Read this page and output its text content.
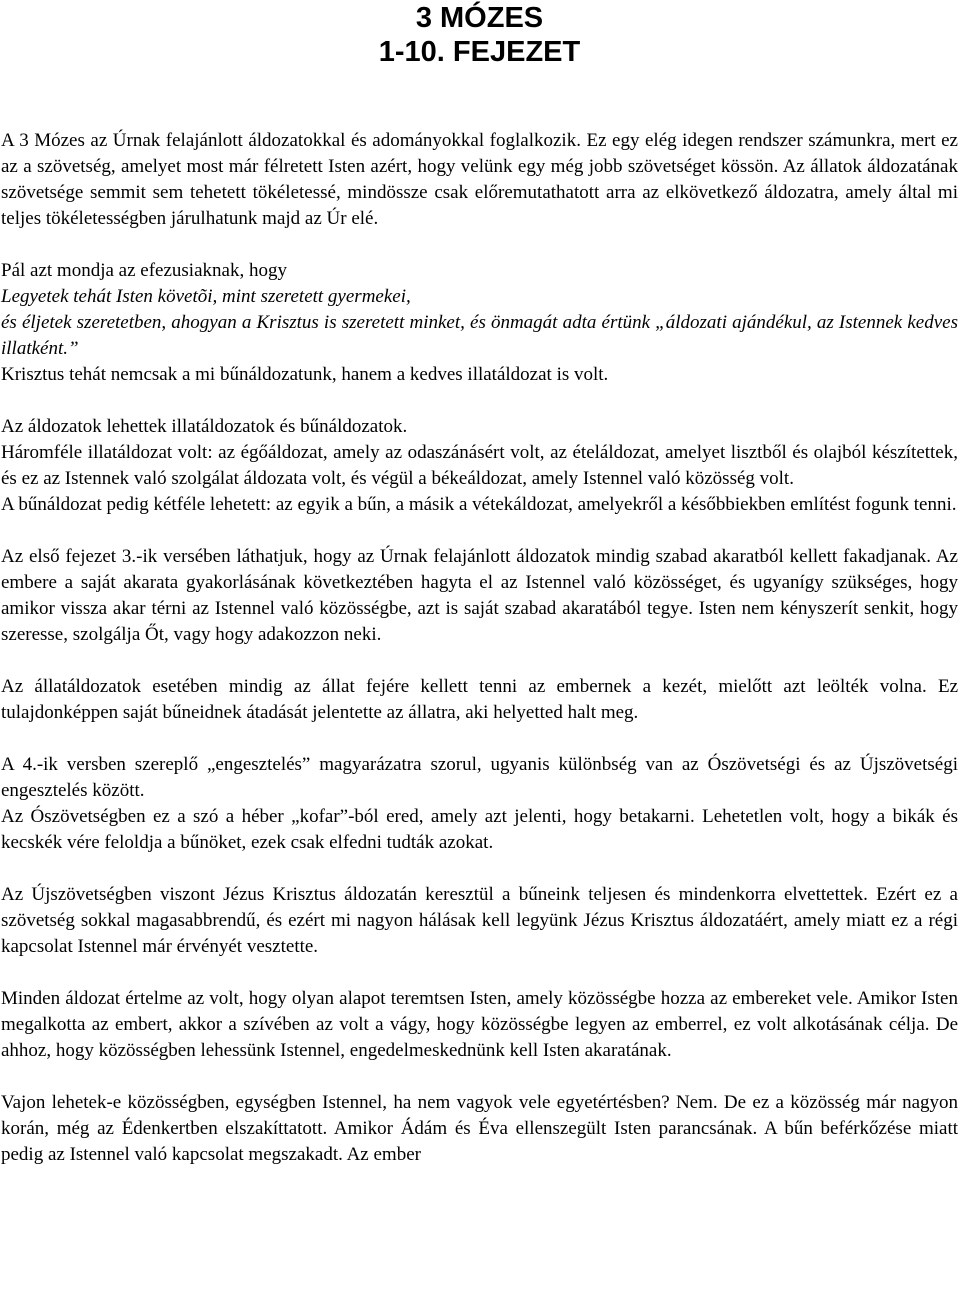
3 MÓZES
1-10. FEJEZET

A 3 Mózes az Úrnak felajánlott áldozatokkal és adományokkal foglalkozik. Ez egy elég idegen rendszer számunkra, mert ez az a szövetség, amelyet most már félretett Isten azért, hogy velünk egy még jobb szövetséget kössön. Az állatok áldozatának szövetsége semmit sem tehetett tökéletessé, mindössze csak előremutathatott arra az elkövetkező áldozatra, amely által mi teljes tökéletességben járulhatunk majd az Úr elé.

Pál azt mondja az efezusiaknak, hogy

Legyetek tehát Isten követõi, mint szeretett gyermekei,

és éljetek szeretetben, ahogyan a Krisztus is szeretett minket, és önmagát adta értünk „áldozati ajándékul, az Istennek kedves illatként.”

Krisztus tehát nemcsak a mi bűnáldozatunk, hanem a kedves illatáldozat is volt.

Az áldozatok lehettek illatáldozatok és bűnáldozatok.

Háromféle illatáldozat volt: az égőáldozat, amely az odaszánásért volt, az ételáldozat, amelyet lisztből és olajból készítettek, és ez az Istennek való szolgálat áldozata volt, és végül a békeáldozat, amely Istennel való közösség volt.

A bűnáldozat pedig kétféle lehetett: az egyik a bűn, a másik a vétekáldozat, amelyekről a későbbiekben említést fogunk tenni.

Az első fejezet 3.-ik versében láthatjuk, hogy az Úrnak felajánlott áldozatok mindig szabad akaratból kellett fakadjanak. Az embere a saját akarata gyakorlásának következtében hagyta el az Istennel való közösséget, és ugyanígy szükséges, hogy amikor vissza akar térni az Istennel való közösségbe, azt is saját szabad akaratából tegye. Isten nem kényszerít senkit, hogy szeresse, szolgálja Őt, vagy hogy adakozzon neki.

Az állatáldozatok esetében mindig az állat fejére kellett tenni az embernek a kezét, mielőtt azt leölték volna. Ez tulajdonképpen saját bűneidnek átadását jelentette az állatra, aki helyetted halt meg.

A 4.-ik versben szereplő „engesztelés” magyarázatra szorul, ugyanis különbség van az Ószövetségi és az Újszövetségi engesztelés között.

Az Ószövetségben ez a szó a héber „kofar”-ból ered, amely azt jelenti, hogy betakarni. Lehetetlen volt, hogy a bikák és kecskék vére feloldja a bűnöket, ezek csak elfedni tudták azokat.

Az Újszövetségben viszont Jézus Krisztus áldozatán keresztül a bűneink teljesen és mindenkorra elvettettek. Ezért ez a szövetség sokkal magasabbrendű, és ezért mi nagyon hálásak kell legyünk Jézus Krisztus áldozatáért, amely miatt ez a régi kapcsolat Istennel már érvényét vesztette.

Minden áldozat értelme az volt, hogy olyan alapot teremtsen Isten, amely közösségbe hozza az embereket vele. Amikor Isten megalkotta az embert, akkor a szívében az volt a vágy, hogy közösségbe legyen az emberrel, ez volt alkotásának célja. De ahhoz, hogy közösségben lehessünk Istennel, engedelmeskednünk kell Isten akaratának.

Vajon lehetek-e közösségben, egységben Istennel, ha nem vagyok vele egyetértésben? Nem. De ez a közösség már nagyon korán, még az Édenkertben elszakíttatott. Amikor Ádám és Éva ellenszegült Isten parancsának. A bűn beférkőzése miatt pedig az Istennel való kapcsolat megszakadt. Az ember
